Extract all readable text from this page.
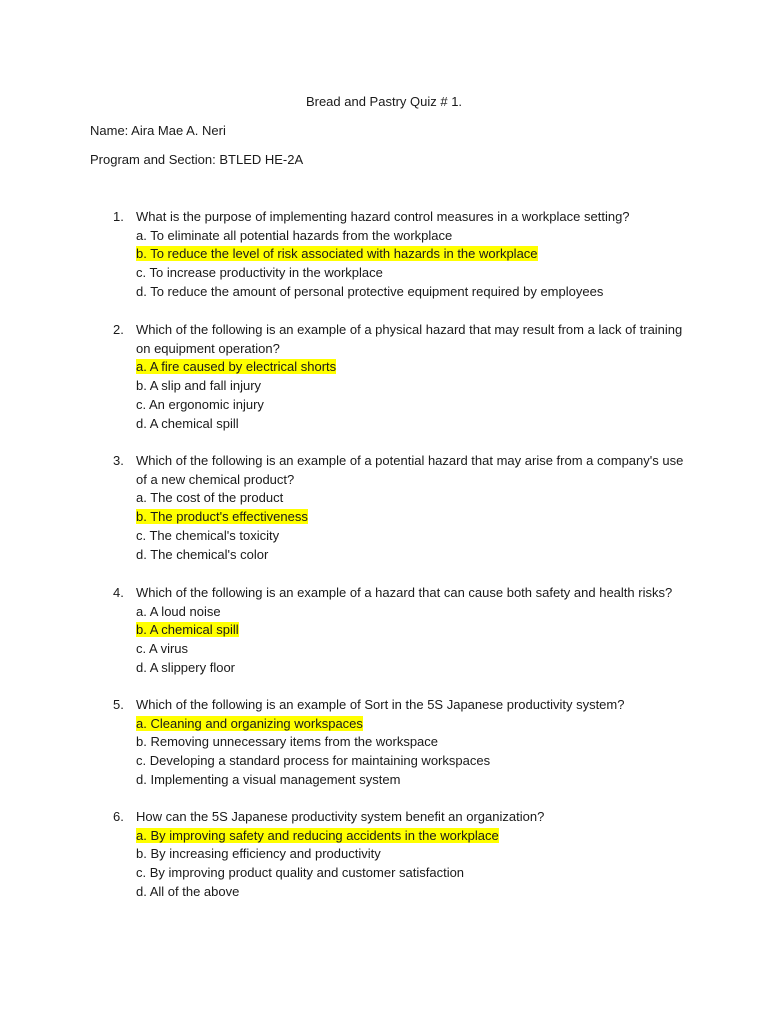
Bread and Pastry Quiz # 1.
Name: Aira Mae A. Neri
Program and Section: BTLED HE-2A
1. What is the purpose of implementing hazard control measures in a workplace setting?
a. To eliminate all potential hazards from the workplace
b. To reduce the level of risk associated with hazards in the workplace
c. To increase productivity in the workplace
d. To reduce the amount of personal protective equipment required by employees
2. Which of the following is an example of a physical hazard that may result from a lack of training on equipment operation?
a. A fire caused by electrical shorts
b. A slip and fall injury
c. An ergonomic injury
d. A chemical spill
3. Which of the following is an example of a potential hazard that may arise from a company's use of a new chemical product?
a. The cost of the product
b. The product's effectiveness
c. The chemical's toxicity
d. The chemical's color
4. Which of the following is an example of a hazard that can cause both safety and health risks?
a. A loud noise
b. A chemical spill
c. A virus
d. A slippery floor
5. Which of the following is an example of Sort in the 5S Japanese productivity system?
a. Cleaning and organizing workspaces
b. Removing unnecessary items from the workspace
c. Developing a standard process for maintaining workspaces
d. Implementing a visual management system
6. How can the 5S Japanese productivity system benefit an organization?
a. By improving safety and reducing accidents in the workplace
b. By increasing efficiency and productivity
c. By improving product quality and customer satisfaction
d. All of the above
